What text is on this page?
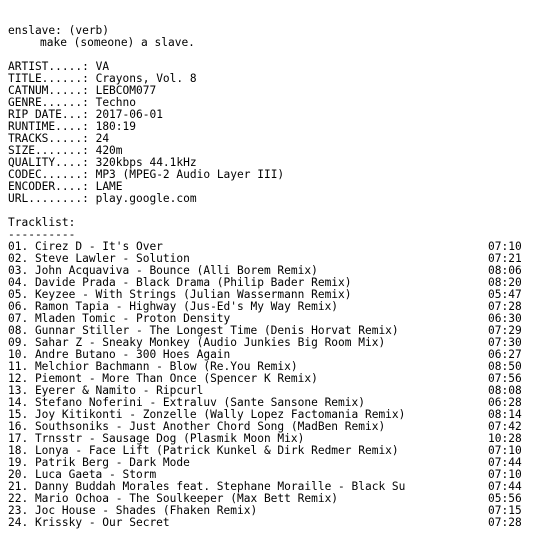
enslave: (verb)
make (someone) a slave.
ARTIST.....: VA
TITLE......: Crayons, Vol. 8
CATNUM.....: LEBCOM077
GENRE......: Techno
RIP DATE...: 2017-06-01
RUNTIME....: 180:19
TRACKS.....: 24
SIZE.......: 420m
QUALITY....: 320kbps 44.1kHz
CODEC......: MP3 (MPEG-2 Audio Layer III)
ENCODER....: LAME
URL........: play.google.com
Tracklist:
----------
01. Cirez D - It's Over	07:10
02. Steve Lawler - Solution	07:21
03. John Acquaviva - Bounce (Alli Borem Remix)	08:06
04. Davide Prada - Black Drama (Philip Bader Remix)	08:20
05. Keyzee - With Strings (Julian Wassermann Remix)	05:47
06. Ramon Tapia - Highway (Jus-Ed's My Way Remix)	07:28
07. Mladen Tomic - Proton Density	06:30
08. Gunnar Stiller - The Longest Time (Denis Horvat Remix)	07:29
09. Sahar Z - Sneaky Monkey (Audio Junkies Big Room Mix)	07:30
10. Andre Butano - 300 Hoes Again	06:27
11. Melchior Bachmann - Blow (Re.You Remix)	08:50
12. Piemont - More Than Once (Spencer K Remix)	07:56
13. Eyerer & Namito - Ripcurl	08:08
14. Stefano Noferini - Extraluv (Sante Sansone Remix)	06:28
15. Joy Kitikonti - Zonzelle (Wally Lopez Factomania Remix)	08:14
16. Southsoniks - Just Another Chord Song (MadBen Remix)	07:42
17. Trnsstr - Sausage Dog (Plasmik Moon Mix)	10:28
18. Lonya - Face Lift (Patrick Kunkel & Dirk Redmer Remix)	07:10
19. Patrik Berg - Dark Mode	07:44
20. Luca Gaeta - Storm	07:10
21. Danny Buddah Morales feat. Stephane Moraille - Black Su	07:44
22. Mario Ochoa - The Soulkeeper (Max Bett Remix)	05:56
23. Joc House - Shades (Fhaken Remix)	07:15
24. Krissky - Our Secret	07:28
